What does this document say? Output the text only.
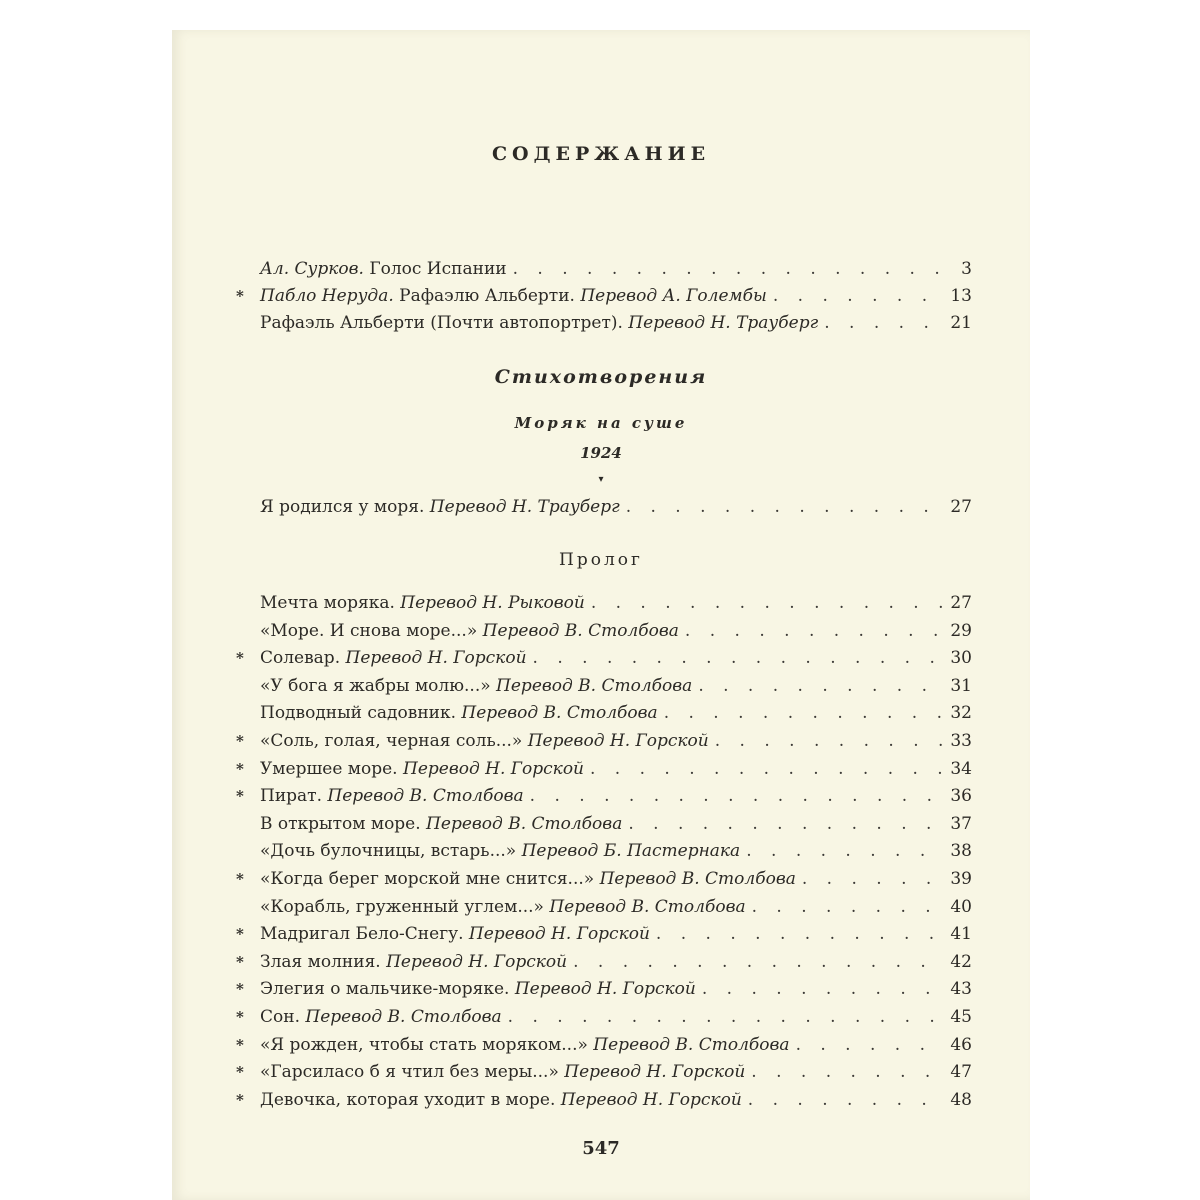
СОДЕРЖАНИЕ
Ал. Сурков. Голос Испании . . .	3
* Пабло Неруда. Рафаэлю Альберти. Перевод А. Голембы . . .	13
Рафаэль Альберти (Почти автопортрет). Перевод Н. Трауберг . . .	21
Стихотворения
Моряк на суше
1924
▾
Я родился у моря. Перевод Н. Трауберг . . .	27
Пролог
Мечта моряка. Перевод Н. Рыковой . . .	27
«Море. И снова море...» Перевод В. Столбова . . .	29
* Солевар. Перевод Н. Горской . . .	30
«У бога я жабры молю...» Перевод В. Столбова . . .	31
Подводный садовник. Перевод В. Столбова . . .	32
* «Соль, голая, черная соль...» Перевод Н. Горской . . .	33
* Умершее море. Перевод Н. Горской . . .	34
* Пират. Перевод В. Столбова . . .	36
В открытом море. Перевод В. Столбова . . .	37
«Дочь булочницы, встарь...» Перевод Б. Пастернака . . .	38
* «Когда берег морской мне снится...» Перевод В. Столбова . . .	39
«Корабль, груженный углем...» Перевод В. Столбова . . .	40
* Мадригал Бело-Снегу. Перевод Н. Горской . . .	41
* Злая молния. Перевод Н. Горской . . .	42
* Элегия о мальчике-моряке. Перевод Н. Горской . . .	43
* Сон. Перевод В. Столбова . . .	45
* «Я рожден, чтобы стать моряком...» Перевод В. Столбова . . .	46
* «Гарсиласо б я чтил без меры...» Перевод Н. Горской . . .	47
* Девочка, которая уходит в море. Перевод Н. Горской . . .	48
547
